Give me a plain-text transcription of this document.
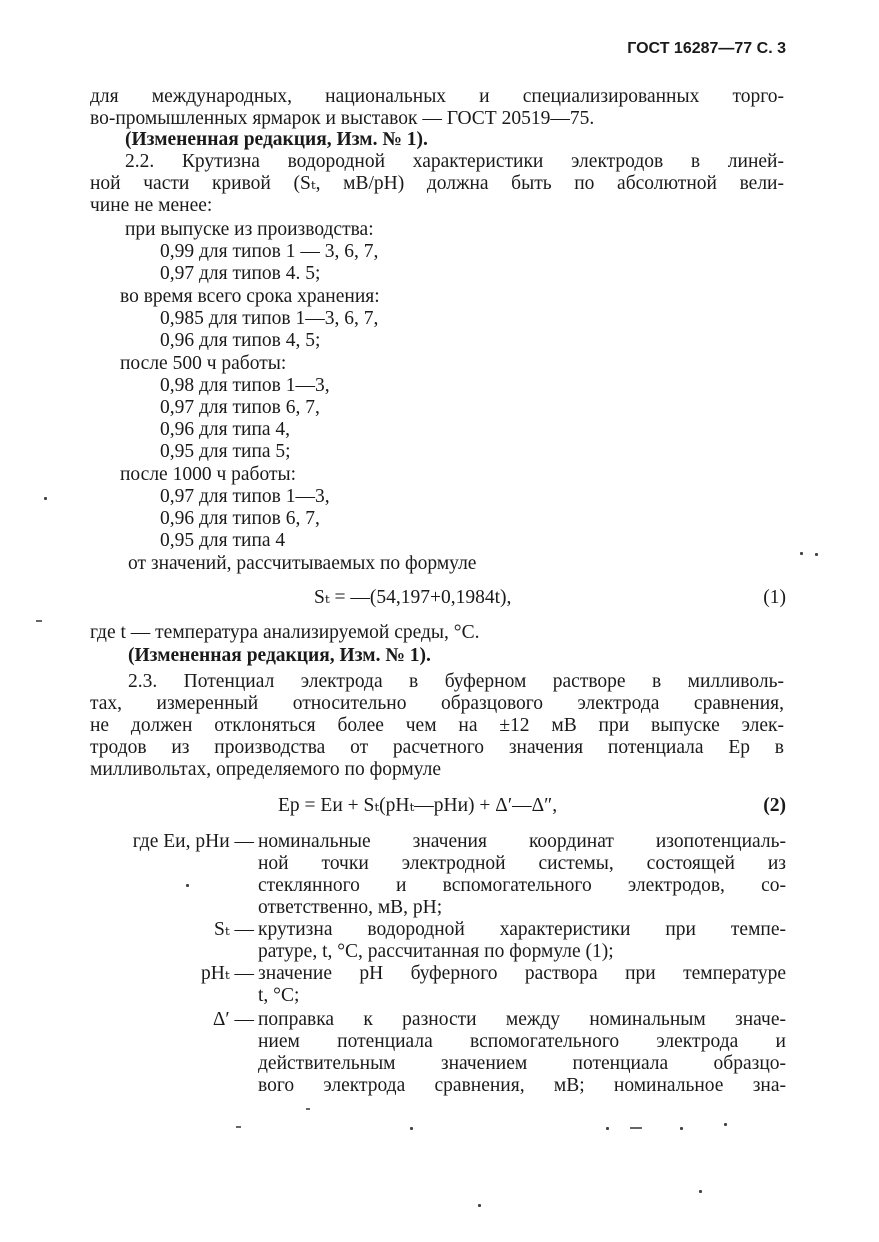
ГОСТ 16287—77 С. 3
для международных, национальных и специализированных торго-
во-промышленных ярмарок и выставок — ГОСТ 20519—75.
(Измененная редакция, Изм. № 1).
2.2. Крутизна водородной характеристики электродов в линей-
ной части кривой (Sₜ, мВ/рН) должна быть по абсолютной вели-
чине не менее:
при выпуске из производства:
0,99 для типов 1 — 3, 6, 7,
0,97 для типов 4. 5;
во время всего срока хранения:
0,985 для типов 1—3, 6, 7,
0,96 для типов 4, 5;
после 500 ч работы:
0,98 для типов 1—3,
0,97 для типов 6, 7,
0,96 для типа 4,
0,95 для типа 5;
после 1000 ч работы:
0,97 для типов 1—3,
0,96 для типов 6, 7,
0,95 для типа 4
от значений, рассчитываемых по формуле
Sₜ = —(54,197+0,1984t),	(1)
где t — температура анализируемой среды, °С.
(Измененная редакция, Изм. № 1).
2.3. Потенциал электрода в буферном растворе в милливоль-
тах, измеренный относительно образцового электрода сравнения,
не должен отклоняться более чем на ±12 мВ при выпуске элек-
тродов из производства от расчетного значения потенциала Eр в
милливольтах, определяемого по формуле
Eр = Eи + Sₜ(pHₜ—pHи) + Δ′—Δ″,	(2)
где Eи, pHи — номинальные значения координат изопотенциаль-
ной точки электродной системы, состоящей из
стеклянного и вспомогательного электродов, со-
ответственно, мВ, рН;
Sₜ — крутизна водородной характеристики при темпе-
ратуре, t, °С, рассчитанная по формуле (1);
pHₜ — значение рН буферного раствора при температуре
t, °С;
Δ′ — поправка к разности между номинальным значе-
нием потенциала вспомогательного электрода и
действительным значением потенциала образцо-
вого электрода сравнения, мВ; номинальное зна-
